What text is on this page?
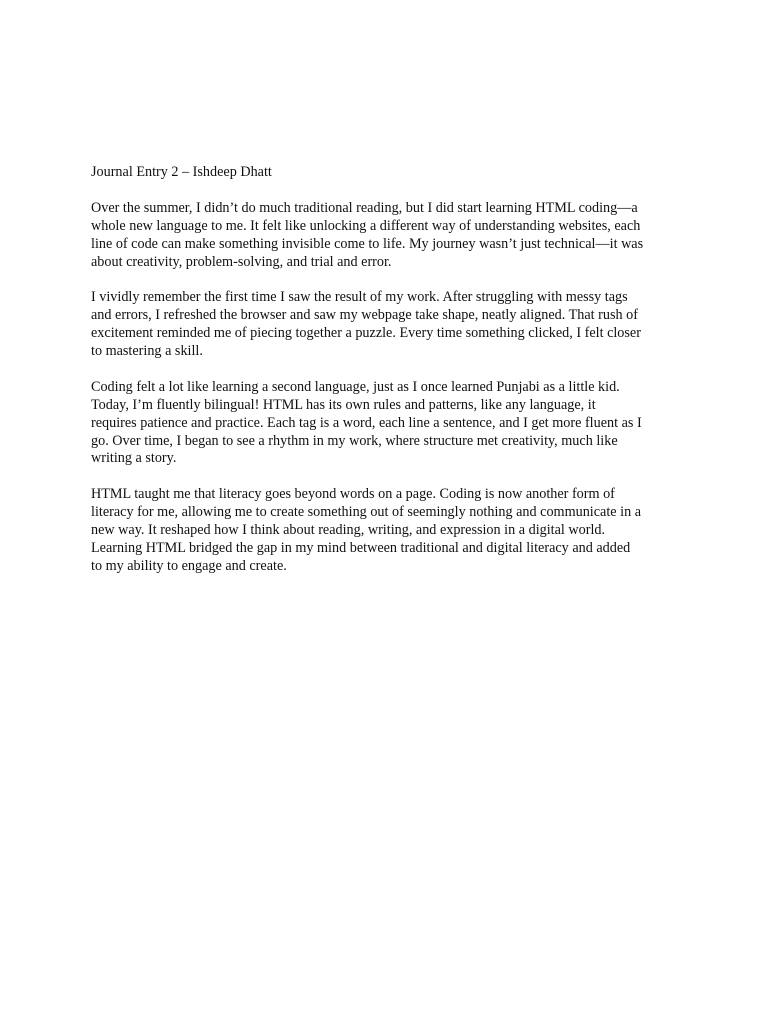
Journal Entry 2 – Ishdeep Dhatt
Over the summer, I didn’t do much traditional reading, but I did start learning HTML coding—a
whole new language to me. It felt like unlocking a different way of understanding websites, each
line of code can make something invisible come to life. My journey wasn’t just technical—it was
about creativity, problem-solving, and trial and error.
I vividly remember the first time I saw the result of my work. After struggling with messy tags
and errors, I refreshed the browser and saw my webpage take shape, neatly aligned. That rush of
excitement reminded me of piecing together a puzzle. Every time something clicked, I felt closer
to mastering a skill.
Coding felt a lot like learning a second language, just as I once learned Punjabi as a little kid.
Today, I’m fluently bilingual! HTML has its own rules and patterns, like any language, it
requires patience and practice. Each tag is a word, each line a sentence, and I get more fluent as I
go. Over time, I began to see a rhythm in my work, where structure met creativity, much like
writing a story.
HTML taught me that literacy goes beyond words on a page. Coding is now another form of
literacy for me, allowing me to create something out of seemingly nothing and communicate in a
new way. It reshaped how I think about reading, writing, and expression in a digital world.
Learning HTML bridged the gap in my mind between traditional and digital literacy and added
to my ability to engage and create.
